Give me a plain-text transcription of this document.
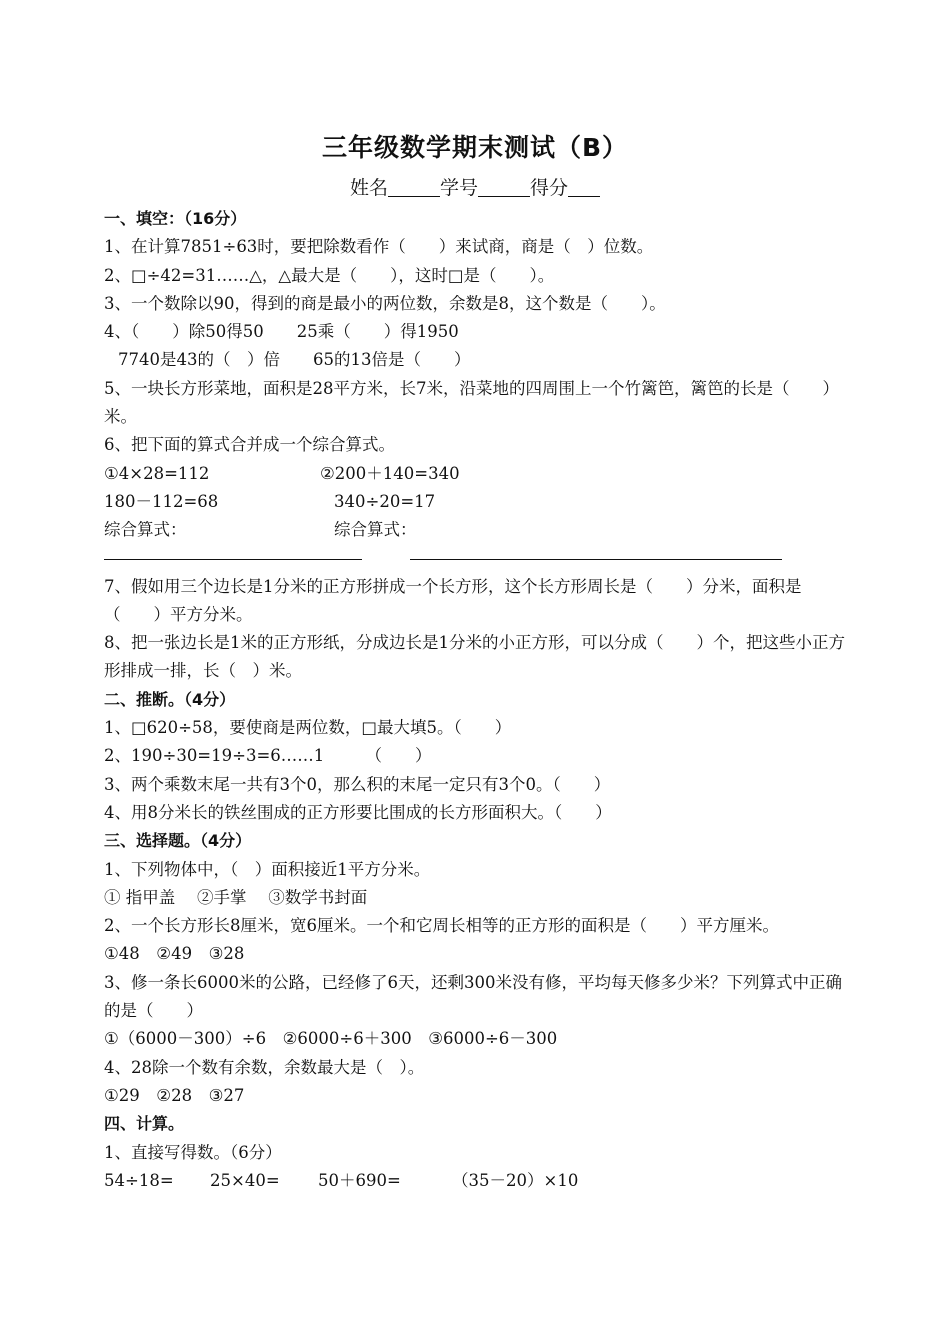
三年级数学期末测试（B）
姓名	学号	得分
一、填空：（16分）
1、在计算7851÷63时，要把除数看作（　　）来试商，商是（　）位数。
2、□÷42=31……△，△最大是（　　），这时□是（　　）。
3、一个数除以90，得到的商是最小的两位数，余数是8，这个数是（　　）。
4、（　　）除50得50　　25乘（　　）得1950
7740是43的（　）倍　　65的13倍是（　　）
5、一块长方形菜地，面积是28平方米，长7米，沿菜地的四周围上一个竹篱笆，篱笆的长是（　　）米。
6、把下面的算式合并成一个综合算式。
①4×28=112	②200＋140=340
180－112=68	340÷20=17
综合算式：	综合算式：
7、假如用三个边长是1分米的正方形拼成一个长方形，这个长方形周长是（　　）分米，面积是（　　）平方分米。
8、把一张边长是1米的正方形纸，分成边长是1分米的小正方形，可以分成（　　）个，把这些小正方形排成一排，长（　）米。
二、推断。（4分）
1、□620÷58，要使商是两位数，□最大填5。（　　）
2、190÷30=19÷3=6……1　　　（　　）
3、两个乘数末尾一共有3个0，那么积的末尾一定只有3个0。（　　）
4、用8分米长的铁丝围成的正方形要比围成的长方形面积大。（　　）
三、选择题。（4分）
1、下列物体中，（　）面积接近1平方分米。
① 指甲盖　 ②手掌　 ③数学书封面
2、一个长方形长8厘米，宽6厘米。一个和它周长相等的正方形的面积是（　　）平方厘米。
①48　②49　③28
3、修一条长6000米的公路，已经修了6天，还剩300米没有修，平均每天修多少米？下列算式中正确的是（　　）
①（6000－300）÷6　②6000÷6＋300　③6000÷6－300
4、28除一个数有余数，余数最大是（　）。
①29　②28　③27
四、计算。
1、直接写得数。（6分）
54÷18= 25×40= 50＋690=	（35－20）×10
